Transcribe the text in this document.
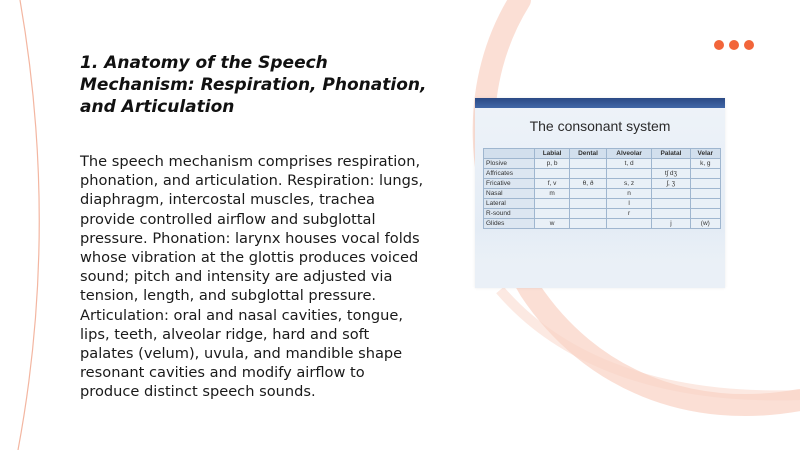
1. Anatomy of the Speech Mechanism: Respiration, Phonation, and Articulation

The speech mechanism comprises respiration, phonation, and articulation. Respiration: lungs, diaphragm, intercostal muscles, trachea provide controlled airflow and subglottal pressure. Phonation: larynx houses vocal folds whose vibration at the glottis produces voiced sound; pitch and intensity are adjusted via tension, length, and subglottal pressure. Articulation: oral and nasal cavities, tongue, lips, teeth, alveolar ridge, hard and soft palates (velum), uvula, and mandible shape resonant cavities and modify airflow to produce distinct speech sounds.

The consonant system
	Labial	Dental	Alveolar	Palatal	Velar
Plosive	p, b		t, d		k, g
Affricates				tʃ dʒ	
Fricative	f, v	θ, ð	s, z	ʃ, ʒ	
Nasal	m		n		
Lateral			l		
R-sound			r		
Glides	w			j	(w)
